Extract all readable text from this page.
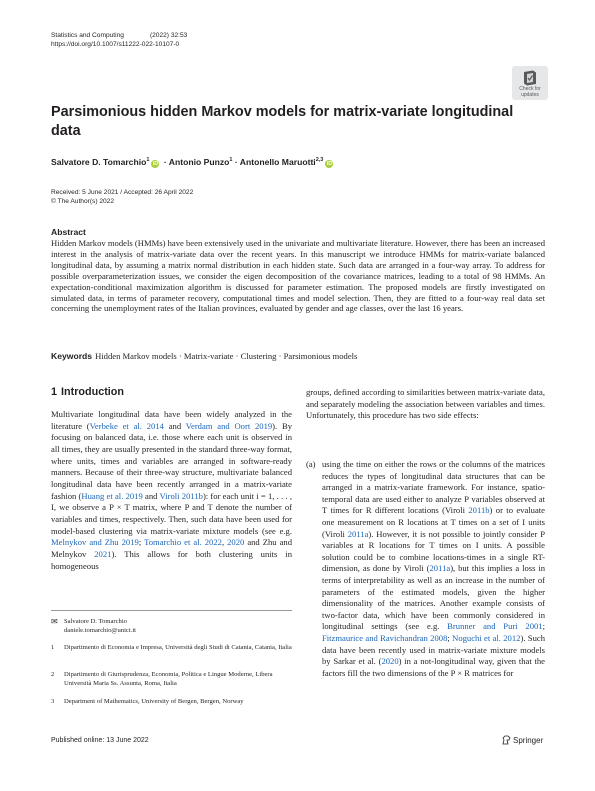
Statistics and Computing	(2022) 32:53
https://doi.org/10.1007/s11222-022-10107-0
Check for
updates
Parsimonious hidden Markov models for matrix-variate longitudinal data
Salvatore D. Tomarchio$^1$iD · Antonio Punzo$^1$ · Antonello Maruotti$^{2,3}$iD
Received: 5 June 2021 / Accepted: 26 April 2022
© The Author(s) 2022
Abstract
Hidden Markov models (HMMs) have been extensively used in the univariate and multivariate literature. However, there has been an increased interest in the analysis of matrix-variate data over the recent years. In this manuscript we introduce HMMs for matrix-variate balanced longitudinal data, by assuming a matrix normal distribution in each hidden state. Such data are arranged in a four-way array. To address for possible overparameterization issues, we consider the eigen decomposition of the covariance matrices, leading to a total of 98 HMMs. An expectation-conditional maximization algorithm is discussed for parameter estimation. The proposed models are firstly investigated on simulated data, in terms of parameter recovery, computational times and model selection. Then, they are fitted to a four-way real data set concerning the unemployment rates of the Italian provinces, evaluated by gender and age classes, over the last 16 years.
Keywords Hidden Markov models · Matrix-variate · Clustering · Parsimonious models
1 Introduction
Multivariate longitudinal data have been widely analyzed in the literature (Verbeke et al. 2014 and Verdam and Oort 2019). By focusing on balanced data, i.e. those where each unit is observed in all times, they are usually presented in the standard three-way format, where units, times and variables are arranged in software-ready manners. Because of their three-way structure, multivariate balanced longitudinal data have been recently arranged in a matrix-variate fashion (Huang et al. 2019 and Viroli 2011b): for each unit i = 1, . . . , I, we observe a P × T matrix, where P and T denote the number of variables and times, respectively. Then, such data have been used for model-based clustering via matrix-variate mixture models (see e.g. Melnykov and Zhu 2019; Tomarchio et al. 2022, 2020 and Zhu and Melnykov 2021). This allows for both clustering units in homogeneous
groups, defined according to similarities between matrix-variate data, and separately modeling the association between variables and times. Unfortunately, this procedure has two side effects:
(a) using the time on either the rows or the columns of the matrices reduces the types of longitudinal data structures that can be arranged in a matrix-variate framework. For instance, spatio-temporal data are used either to analyze P variables observed at T times for R different locations (Viroli 2011b) or to evaluate one measurement on R locations at T times on a set of I units (Viroli 2011a). However, it is not possible to jointly consider P variables at R locations for T times on I units. A possible solution could be to combine locations-times in a single RT-dimension, as done by Viroli (2011a), but this implies a loss in terms of interpretability as well as an increase in the number of parameters of the estimated models, given the higher dimensionality of the matrices. Another example consists of two-factor data, which have been commonly considered in longitudinal settings (see e.g. Brunner and Puri 2001; Fitzmaurice and Ravichandran 2008; Noguchi et al. 2012). Such data have been recently used in matrix-variate mixture models by Sarkar et al. (2020) in a not-longitudinal way, given that the factors fill the two dimensions of the P × R matrices for
✉ Salvatore D. Tomarchio
daniele.tomarchio@unict.it
1 Dipartimento di Economia e Impresa, Università degli Studi di Catania, Catania, Italia
2 Dipartimento di Giurisprudenza, Economia, Politica e Lingue Moderne, Libera Università Maria Ss. Assunta, Roma, Italia
3 Department of Mathematics, University of Bergen, Bergen, Norway
Published online: 13 June 2022	Springer
